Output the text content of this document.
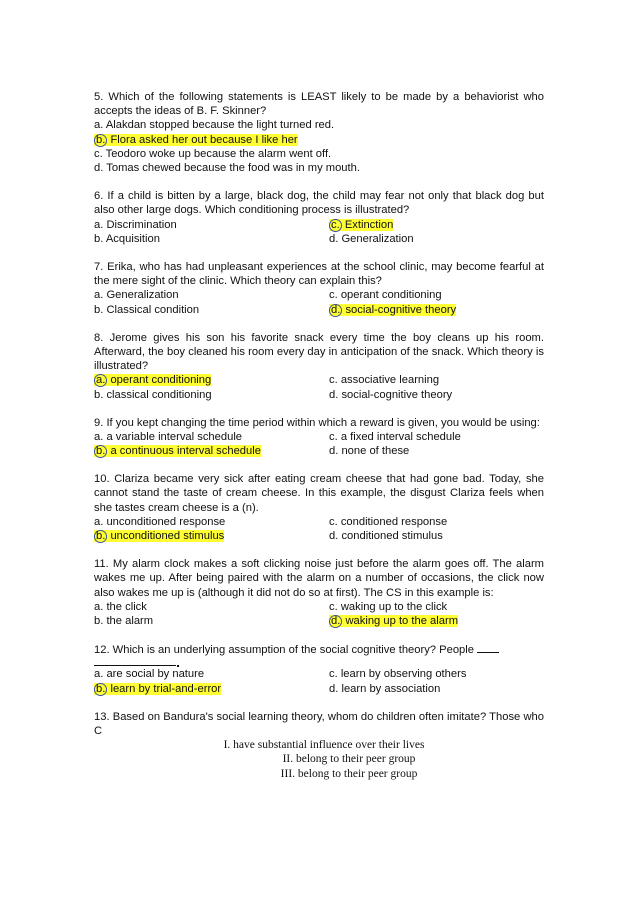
5. Which of the following statements is LEAST likely to be made by a behaviorist who accepts the ideas of B. F. Skinner?
a. Alakdan stopped because the light turned red.
b. Flora asked her out because I like her
c. Teodoro woke up because the alarm went off.
d. Tomas chewed because the food was in my mouth.
6. If a child is bitten by a large, black dog, the child may fear not only that black dog but also other large dogs. Which conditioning process is illustrated?
a. Discrimination	c. Extinction
b. Acquisition	d. Generalization
7. Erika, who has had unpleasant experiences at the school clinic, may become fearful at the mere sight of the clinic. Which theory can explain this?
a. Generalization	c. operant conditioning
b. Classical condition	d. social-cognitive theory
8. Jerome gives his son his favorite snack every time the boy cleans up his room. Afterward, the boy cleaned his room every day in anticipation of the snack. Which theory is illustrated?
a. operant conditioning	c. associative learning
b. classical conditioning	d. social-cognitive theory
9. If you kept changing the time period within which a reward is given, you would be using:
a. a variable interval schedule	c. a fixed interval schedule
b. a continuous interval schedule	d. none of these
10. Clariza became very sick after eating cream cheese that had gone bad. Today, she cannot stand the taste of cream cheese. In this example, the disgust Clariza feels when she tastes cream cheese is a (n).
a. unconditioned response	c. conditioned response
b. unconditioned stimulus	d. conditioned stimulus
11. My alarm clock makes a soft clicking noise just before the alarm goes off. The alarm wakes me up. After being paired with the alarm on a number of occasions, the click now also wakes me up is (although it did not do so at first). The CS in this example is:
a. the click	c. waking up to the click
b. the alarm	d. waking up to the alarm
12. Which is an underlying assumption of the social cognitive theory? People
a. are social by nature	c. learn by observing others
b. learn by trial-and-error	d. learn by association
13. Based on Bandura's social learning theory, whom do children often imitate? Those who C
I. have substantial influence over their lives
II. belong to their peer group
III. belong to their peer group
